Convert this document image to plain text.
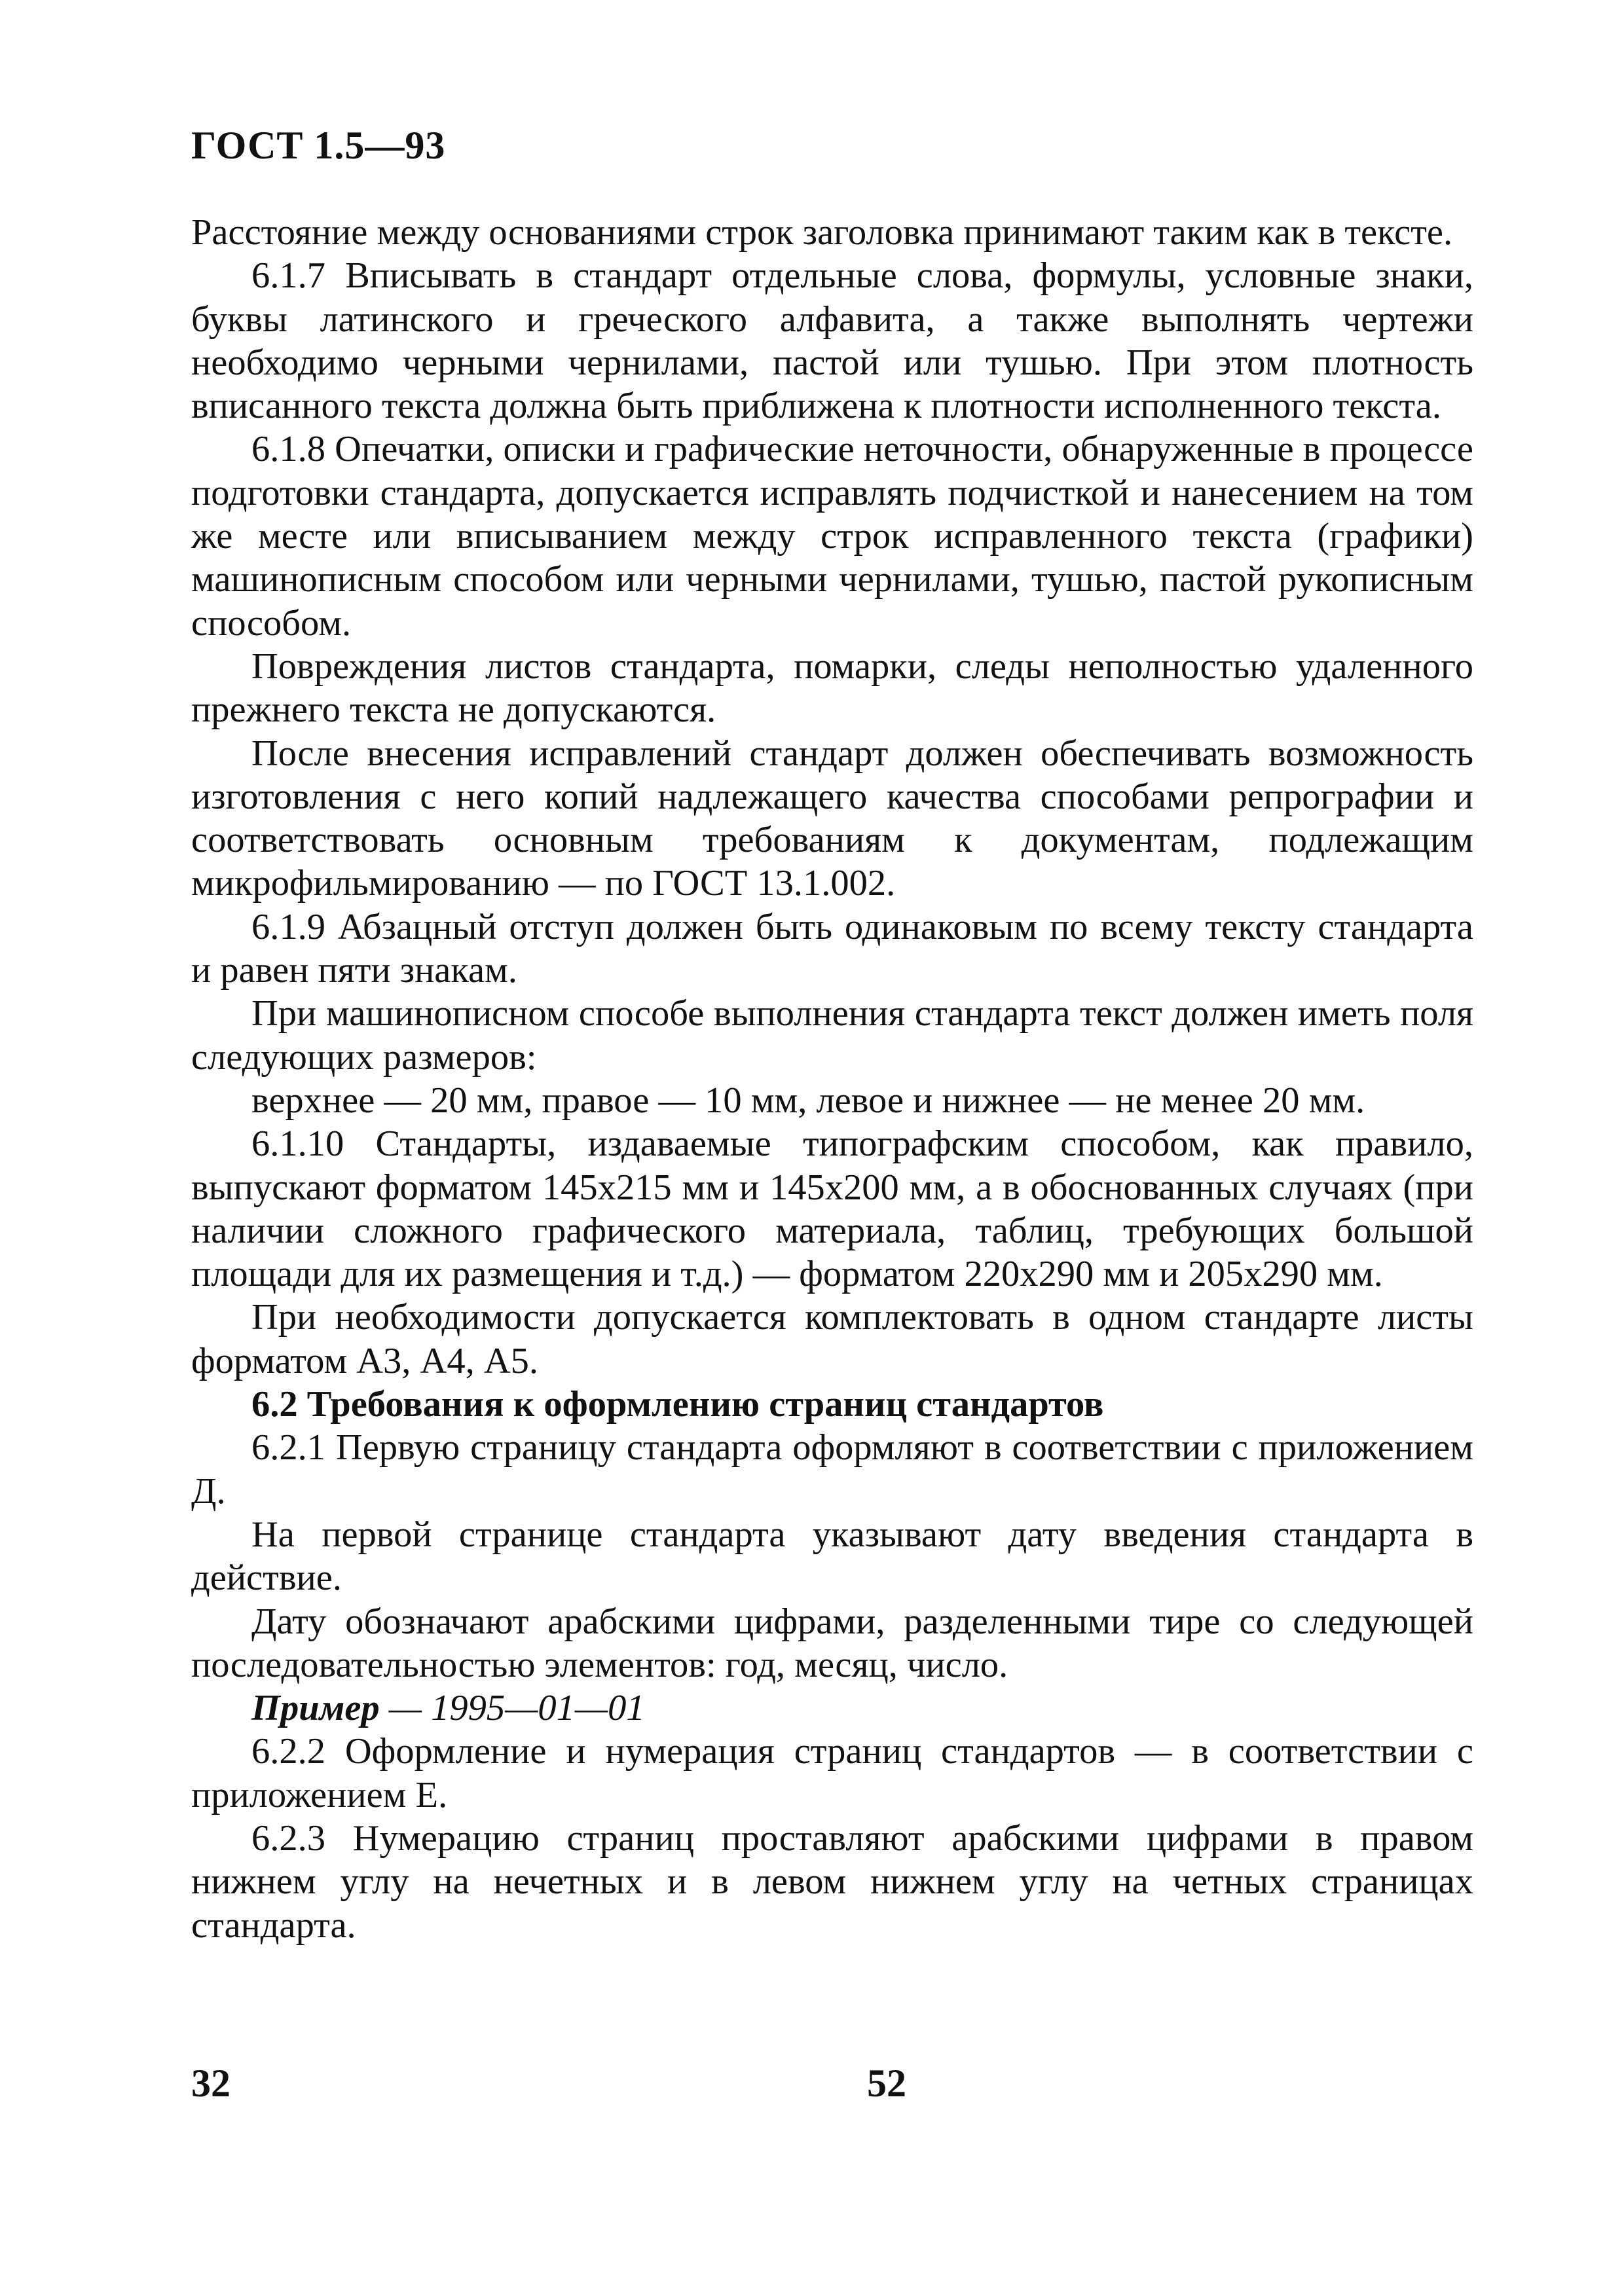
ГОСТ 1.5—93

Расстояние между основаниями строк заголовка принимают таким как в тексте.

6.1.7 Вписывать в стандарт отдельные слова, формулы, условные знаки, буквы латинского и греческого алфавита, а также выполнять чертежи необходимо черными чернилами, пастой или тушью. При этом плотность вписанного текста должна быть приближена к плотности исполненного текста.

6.1.8 Опечатки, описки и графические неточности, обнаруженные в процессе подготовки стандарта, допускается исправлять подчисткой и нанесением на том же месте или вписыванием между строк исправленного текста (графики) машинописным способом или черными чернилами, тушью, пастой рукописным способом.

Повреждения листов стандарта, помарки, следы неполностью удаленного прежнего текста не допускаются.

После внесения исправлений стандарт должен обеспечивать возможность изготовления с него копий надлежащего качества способами репрографии и соответствовать основным требованиям к документам, подлежащим микрофильмированию — по ГОСТ 13.1.002.

6.1.9 Абзацный отступ должен быть одинаковым по всему тексту стандарта и равен пяти знакам.

При машинописном способе выполнения стандарта текст должен иметь поля следующих размеров:

верхнее — 20 мм, правое — 10 мм, левое и нижнее — не менее 20 мм.

6.1.10 Стандарты, издаваемые типографским способом, как правило, выпускают форматом 145x215 мм и 145x200 мм, а в обоснованных случаях (при наличии сложного графического материала, таблиц, требующих большой площади для их размещения и т.д.) — форматом 220x290 мм и 205x290 мм.

При необходимости допускается комплектовать в одном стандарте листы форматом А3, А4, А5.

6.2 Требования к оформлению страниц стандартов

6.2.1 Первую страницу стандарта оформляют в соответствии с приложением Д.

На первой странице стандарта указывают дату введения стандарта в действие.

Дату обозначают арабскими цифрами, разделенными тире со следующей последовательностью элементов: год, месяц, число.

Пример — 1995—01—01

6.2.2 Оформление и нумерация страниц стандартов — в соответствии с приложением Е.

6.2.3 Нумерацию страниц проставляют арабскими цифрами в правом нижнем углу на нечетных и в левом нижнем углу на четных страницах стандарта.

32	52
